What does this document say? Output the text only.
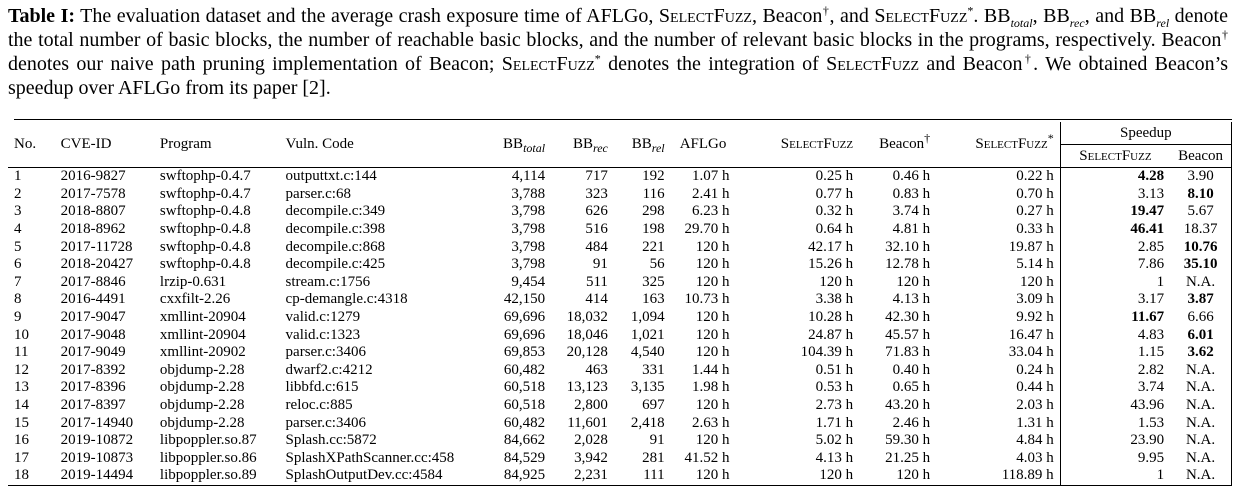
Table I: The evaluation dataset and the average crash exposure time of AFLGo, SelectFuzz, Beacon†, and SelectFuzz*. $BB_{total}$, $BB_{rec}$, and $BB_{rel}$ denote the total number of basic blocks, the number of reachable basic blocks, and the number of relevant basic blocks in the programs, respectively. Beacon† denotes our naive path pruning implementation of Beacon; SelectFuzz* denotes the integration of SelectFuzz and Beacon†. We obtained Beacon’s speedup over AFLGo from its paper [2].
No.	CVE-ID	Program	Vuln. Code	$BB_{total}$	$BB_{rec}$	$BB_{rel}$	AFLGo	SelectFuzz	Beacon†	SelectFuzz*	Speedup	
											SelectFuzz	Beacon
1	2016-9827	swftophp-0.4.7	outputtxt.c:144	4,114	717	192	1.07 h	0.25 h	0.46 h	0.22 h	4.28	3.90
2	2017-7578	swftophp-0.4.7	parser.c:68	3,788	323	116	2.41 h	0.77 h	0.83 h	0.70 h	3.13	8.10
3	2018-8807	swftophp-0.4.8	decompile.c:349	3,798	626	298	6.23 h	0.32 h	3.74 h	0.27 h	19.47	5.67
4	2018-8962	swftophp-0.4.8	decompile.c:398	3,798	516	198	29.70 h	0.64 h	4.81 h	0.33 h	46.41	18.37
5	2017-11728	swftophp-0.4.8	decompile.c:868	3,798	484	221	120 h	42.17 h	32.10 h	19.87 h	2.85	10.76
6	2018-20427	swftophp-0.4.8	decompile.c:425	3,798	91	56	120 h	15.26 h	12.78 h	5.14 h	7.86	35.10
7	2017-8846	lrzip-0.631	stream.c:1756	9,454	511	325	120 h	120 h	120 h	120 h	1	N.A.
8	2016-4491	cxxfilt-2.26	cp-demangle.c:4318	42,150	414	163	10.73 h	3.38 h	4.13 h	3.09 h	3.17	3.87
9	2017-9047	xmllint-20904	valid.c:1279	69,696	18,032	1,094	120 h	10.28 h	42.30 h	9.92 h	11.67	6.66
10	2017-9048	xmllint-20904	valid.c:1323	69,696	18,046	1,021	120 h	24.87 h	45.57 h	16.47 h	4.83	6.01
11	2017-9049	xmllint-20902	parser.c:3406	69,853	20,128	4,540	120 h	104.39 h	71.83 h	33.04 h	1.15	3.62
12	2017-8392	objdump-2.28	dwarf2.c:4212	60,482	463	331	1.44 h	0.51 h	0.40 h	0.24 h	2.82	N.A.
13	2017-8396	objdump-2.28	libbfd.c:615	60,518	13,123	3,135	1.98 h	0.53 h	0.65 h	0.44 h	3.74	N.A.
14	2017-8397	objdump-2.28	reloc.c:885	60,518	2,800	697	120 h	2.73 h	43.20 h	2.03 h	43.96	N.A.
15	2017-14940	objdump-2.28	parser.c:3406	60,482	11,601	2,418	2.63 h	1.71 h	2.46 h	1.31 h	1.53	N.A.
16	2019-10872	libpoppler.so.87	Splash.cc:5872	84,662	2,028	91	120 h	5.02 h	59.30 h	4.84 h	23.90	N.A.
17	2019-10873	libpoppler.so.86	SplashXPathScanner.cc:458	84,529	3,942	281	41.52 h	4.13 h	21.25 h	4.03 h	9.95	N.A.
18	2019-14494	libpoppler.so.89	SplashOutputDev.cc:4584	84,925	2,231	111	120 h	120 h	120 h	118.89 h	1	N.A.
